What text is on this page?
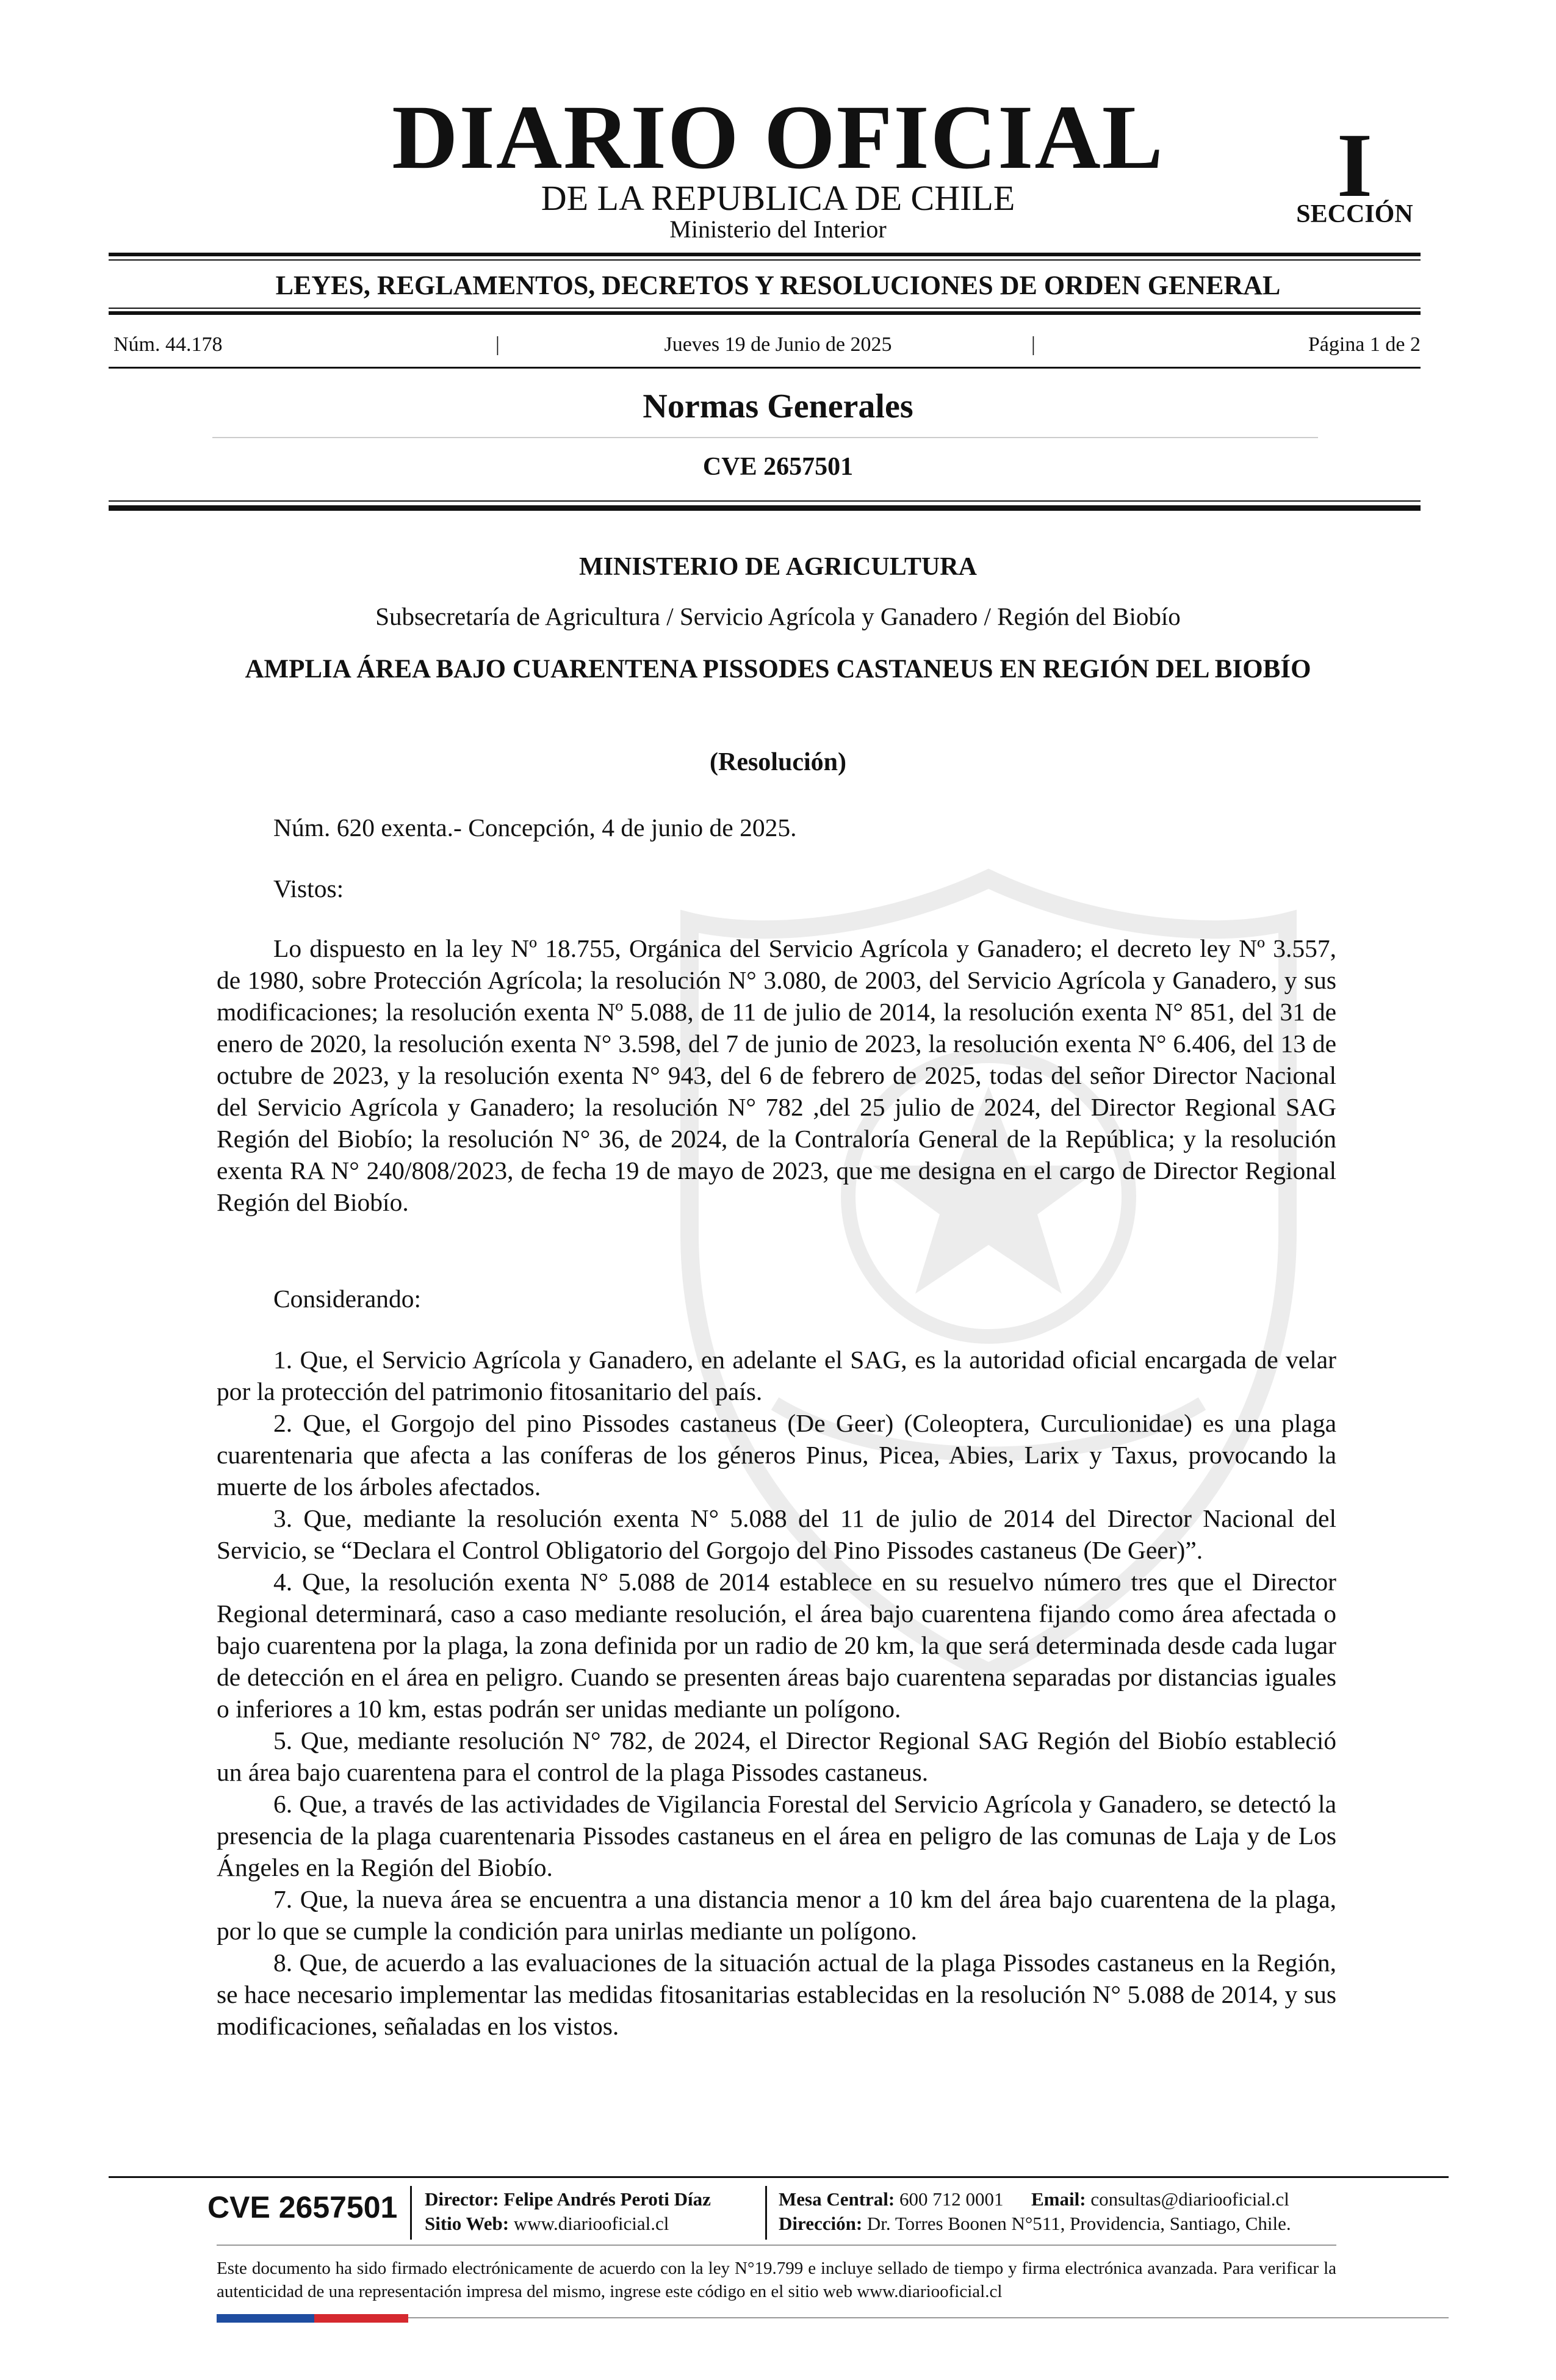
DIARIO OFICIAL
DE LA REPUBLICA DE CHILE
Ministerio del Interior
I
SECCIÓN
LEYES, REGLAMENTOS, DECRETOS Y RESOLUCIONES DE ORDEN GENERAL
Núm. 44.178	|	Jueves 19 de Junio de 2025	|	Página 1 de 2
Normas Generales
CVE 2657501
MINISTERIO DE AGRICULTURA
Subsecretaría de Agricultura / Servicio Agrícola y Ganadero / Región del Biobío
AMPLIA ÁREA BAJO CUARENTENA PISSODES CASTANEUS EN REGIÓN DEL BIOBÍO
(Resolución)
Núm. 620 exenta.- Concepción, 4 de junio de 2025.
Vistos:
Lo dispuesto en la ley Nº 18.755, Orgánica del Servicio Agrícola y Ganadero; el decreto ley Nº 3.557, de 1980, sobre Protección Agrícola; la resolución N° 3.080, de 2003, del Servicio Agrícola y Ganadero, y sus modificaciones; la resolución exenta Nº 5.088, de 11 de julio de 2014, la resolución exenta N° 851, del 31 de enero de 2020, la resolución exenta N° 3.598, del 7 de junio de 2023, la resolución exenta N° 6.406, del 13 de octubre de 2023, y la resolución exenta N° 943, del 6 de febrero de 2025, todas del señor Director Nacional del Servicio Agrícola y Ganadero; la resolución N° 782 ,del 25 julio de 2024, del Director Regional SAG Región del Biobío; la resolución N° 36, de 2024, de la Contraloría General de la República; y la resolución exenta RA N° 240/808/2023, de fecha 19 de mayo de 2023, que me designa en el cargo de Director Regional Región del Biobío.
Considerando:
1. Que, el Servicio Agrícola y Ganadero, en adelante el SAG, es la autoridad oficial encargada de velar por la protección del patrimonio fitosanitario del país.
2. Que, el Gorgojo del pino Pissodes castaneus (De Geer) (Coleoptera, Curculionidae) es una plaga cuarentenaria que afecta a las coníferas de los géneros Pinus, Picea, Abies, Larix y Taxus, provocando la muerte de los árboles afectados.
3. Que, mediante la resolución exenta N° 5.088 del 11 de julio de 2014 del Director Nacional del Servicio, se “Declara el Control Obligatorio del Gorgojo del Pino Pissodes castaneus (De Geer)”.
4. Que, la resolución exenta N° 5.088 de 2014 establece en su resuelvo número tres que el Director Regional determinará, caso a caso mediante resolución, el área bajo cuarentena fijando como área afectada o bajo cuarentena por la plaga, la zona definida por un radio de 20 km, la que será determinada desde cada lugar de detección en el área en peligro. Cuando se presenten áreas bajo cuarentena separadas por distancias iguales o inferiores a 10 km, estas podrán ser unidas mediante un polígono.
5. Que, mediante resolución N° 782, de 2024, el Director Regional SAG Región del Biobío estableció un área bajo cuarentena para el control de la plaga Pissodes castaneus.
6. Que, a través de las actividades de Vigilancia Forestal del Servicio Agrícola y Ganadero, se detectó la presencia de la plaga cuarentenaria Pissodes castaneus en el área en peligro de las comunas de Laja y de Los Ángeles en la Región del Biobío.
7. Que, la nueva área se encuentra a una distancia menor a 10 km del área bajo cuarentena de la plaga, por lo que se cumple la condición para unirlas mediante un polígono.
8. Que, de acuerdo a las evaluaciones de la situación actual de la plaga Pissodes castaneus en la Región, se hace necesario implementar las medidas fitosanitarias establecidas en la resolución N° 5.088 de 2014, y sus modificaciones, señaladas en los vistos.
CVE 2657501 Director: Felipe Andrés Peroti Díaz
Sitio Web: www.diariooficial.cl
Mesa Central: 600 712 0001 Email: consultas@diariooficial.cl
Dirección: Dr. Torres Boonen N°511, Providencia, Santiago, Chile.
Este documento ha sido firmado electrónicamente de acuerdo con la ley N°19.799 e incluye sellado de tiempo y firma electrónica avanzada. Para verificar la autenticidad de una representación impresa del mismo, ingrese este código en el sitio web www.diariooficial.cl
